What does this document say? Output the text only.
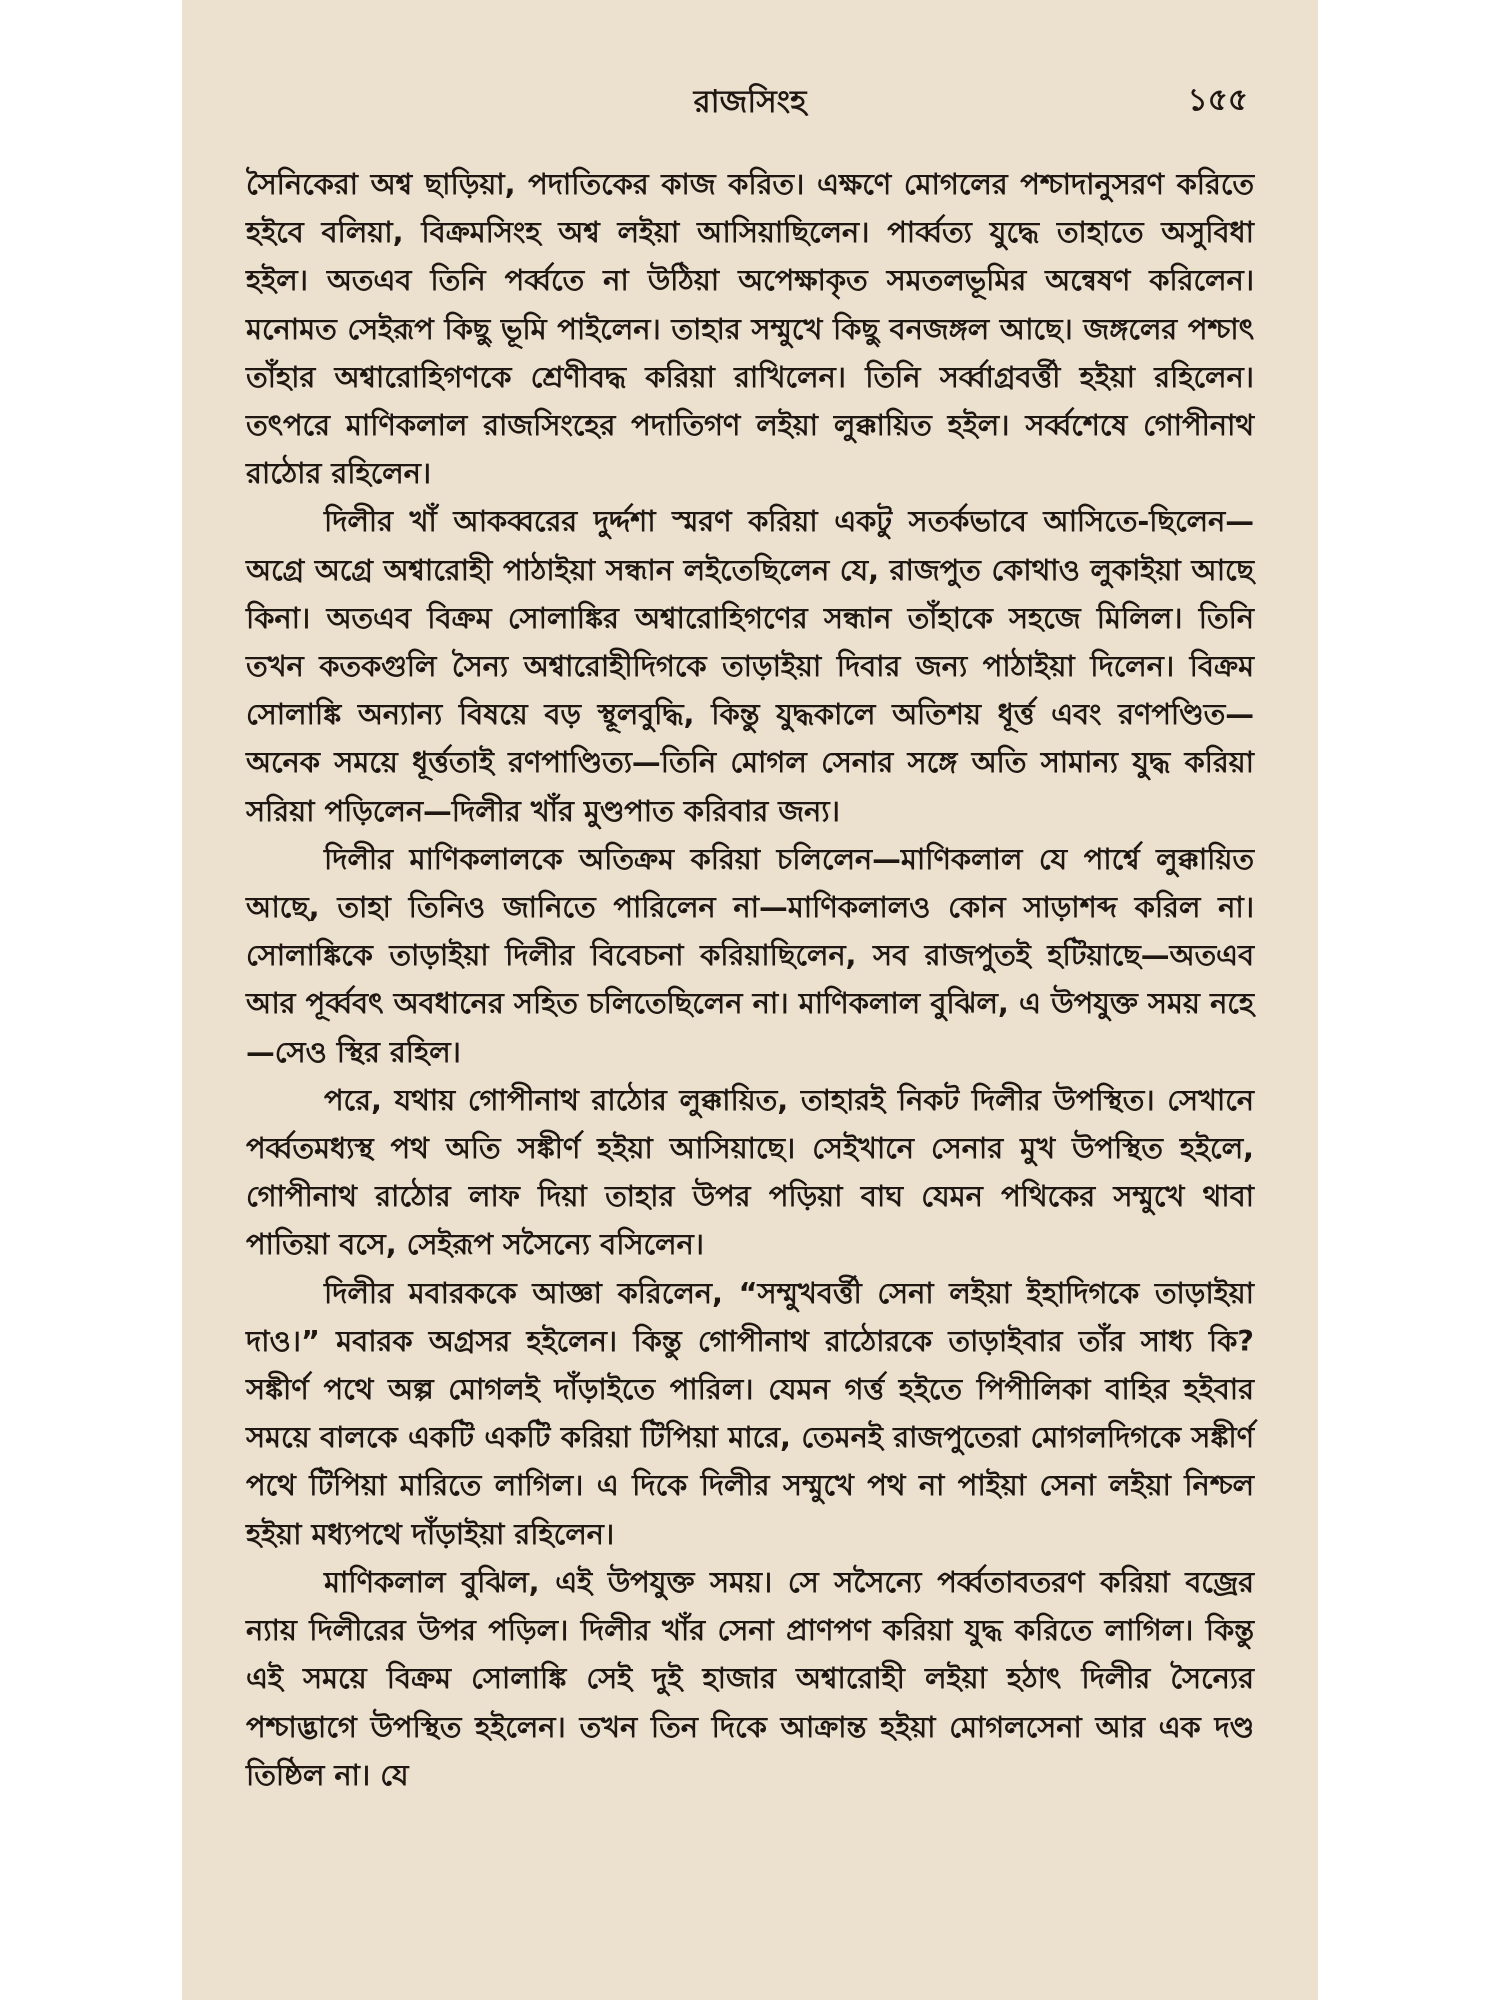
রাজসিংহ	১৫৫

সৈনিকেরা অশ্ব ছাড়িয়া, পদাতিকের কাজ করিত। এক্ষণে মোগলের পশ্চাদানুসরণ করিতে হইবে বলিয়া, বিক্রমসিংহ অশ্ব লইয়া আসিয়াছিলেন। পার্ব্বত্য যুদ্ধে তাহাতে অসুবিধা হইল। অতএব তিনি পর্ব্বতে না উঠিয়া অপেক্ষাকৃত সমতলভূমির অন্বেষণ করিলেন। মনোমত সেইরূপ কিছু ভূমি পাইলেন। তাহার সম্মুখে কিছু বনজঙ্গল আছে। জঙ্গলের পশ্চাৎ তাঁহার অশ্বারোহিগণকে শ্রেণীবদ্ধ করিয়া রাখিলেন। তিনি সর্ব্বাগ্রবর্ত্তী হইয়া রহিলেন। তৎপরে মাণিকলাল রাজসিংহের পদাতিগণ লইয়া লুক্কায়িত হইল। সর্ব্বশেষে গোপীনাথ রাঠোর রহিলেন।

দিলীর খাঁ আকব্বরের দুর্দ্দশা স্মরণ করিয়া একটু সতর্কভাবে আসিতে-ছিলেন—অগ্রে অগ্রে অশ্বারোহী পাঠাইয়া সন্ধান লইতেছিলেন যে, রাজপুত কোথাও লুকাইয়া আছে কিনা। অতএব বিক্রম সোলাঙ্কির অশ্বারোহিগণের সন্ধান তাঁহাকে সহজে মিলিল। তিনি তখন কতকগুলি সৈন্য অশ্বারোহীদিগকে তাড়াইয়া দিবার জন্য পাঠাইয়া দিলেন। বিক্রম সোলাঙ্কি অন্যান্য বিষয়ে বড় স্থূলবুদ্ধি, কিন্তু যুদ্ধকালে অতিশয় ধূর্ত্ত এবং রণপণ্ডিত—অনেক সময়ে ধূর্ত্ততাই রণপাণ্ডিত্য—তিনি মোগল সেনার সঙ্গে অতি সামান্য যুদ্ধ করিয়া সরিয়া পড়িলেন—দিলীর খাঁর মুণ্ডপাত করিবার জন্য।

দিলীর মাণিকলালকে অতিক্রম করিয়া চলিলেন—মাণিকলাল যে পার্শ্বে লুক্কায়িত আছে, তাহা তিনিও জানিতে পারিলেন না—মাণিকলালও কোন সাড়াশব্দ করিল না। সোলাঙ্কিকে তাড়াইয়া দিলীর বিবেচনা করিয়াছিলেন, সব রাজপুতই হটিয়াছে—অতএব আর পূর্ব্ববৎ অবধানের সহিত চলিতেছিলেন না। মাণিকলাল বুঝিল, এ উপযুক্ত সময় নহে—সেও স্থির রহিল।

পরে, যথায় গোপীনাথ রাঠোর লুক্কায়িত, তাহারই নিকট দিলীর উপস্থিত। সেখানে পর্ব্বতমধ্যস্থ পথ অতি সঙ্কীর্ণ হইয়া আসিয়াছে। সেইখানে সেনার মুখ উপস্থিত হইলে, গোপীনাথ রাঠোর লাফ দিয়া তাহার উপর পড়িয়া বাঘ যেমন পথিকের সম্মুখে থাবা পাতিয়া বসে, সেইরূপ সসৈন্যে বসিলেন।

দিলীর মবারককে আজ্ঞা করিলেন, “সম্মুখবর্ত্তী সেনা লইয়া ইহাদিগকে তাড়াইয়া দাও।” মবারক অগ্রসর হইলেন। কিন্তু গোপীনাথ রাঠোরকে তাড়াইবার তাঁর সাধ্য কি? সঙ্কীর্ণ পথে অল্প মোগলই দাঁড়াইতে পারিল। যেমন গর্ত্ত হইতে পিপীলিকা বাহির হইবার সময়ে বালকে একটি একটি করিয়া টিপিয়া মারে, তেমনই রাজপুতেরা মোগলদিগকে সঙ্কীর্ণ পথে টিপিয়া মারিতে লাগিল। এ দিকে দিলীর সম্মুখে পথ না পাইয়া সেনা লইয়া নিশ্চল হইয়া মধ্যপথে দাঁড়াইয়া রহিলেন।

মাণিকলাল বুঝিল, এই উপযুক্ত সময়। সে সসৈন্যে পর্ব্বতাবতরণ করিয়া বজ্রের ন্যায় দিলীরের উপর পড়িল। দিলীর খাঁর সেনা প্রাণপণ করিয়া যুদ্ধ করিতে লাগিল। কিন্তু এই সময়ে বিক্রম সোলাঙ্কি সেই দুই হাজার অশ্বারোহী লইয়া হঠাৎ দিলীর সৈন্যের পশ্চাদ্ভাগে উপস্থিত হইলেন। তখন তিন দিকে আক্রান্ত হইয়া মোগলসেনা আর এক দণ্ড তিষ্ঠিল না। যে
